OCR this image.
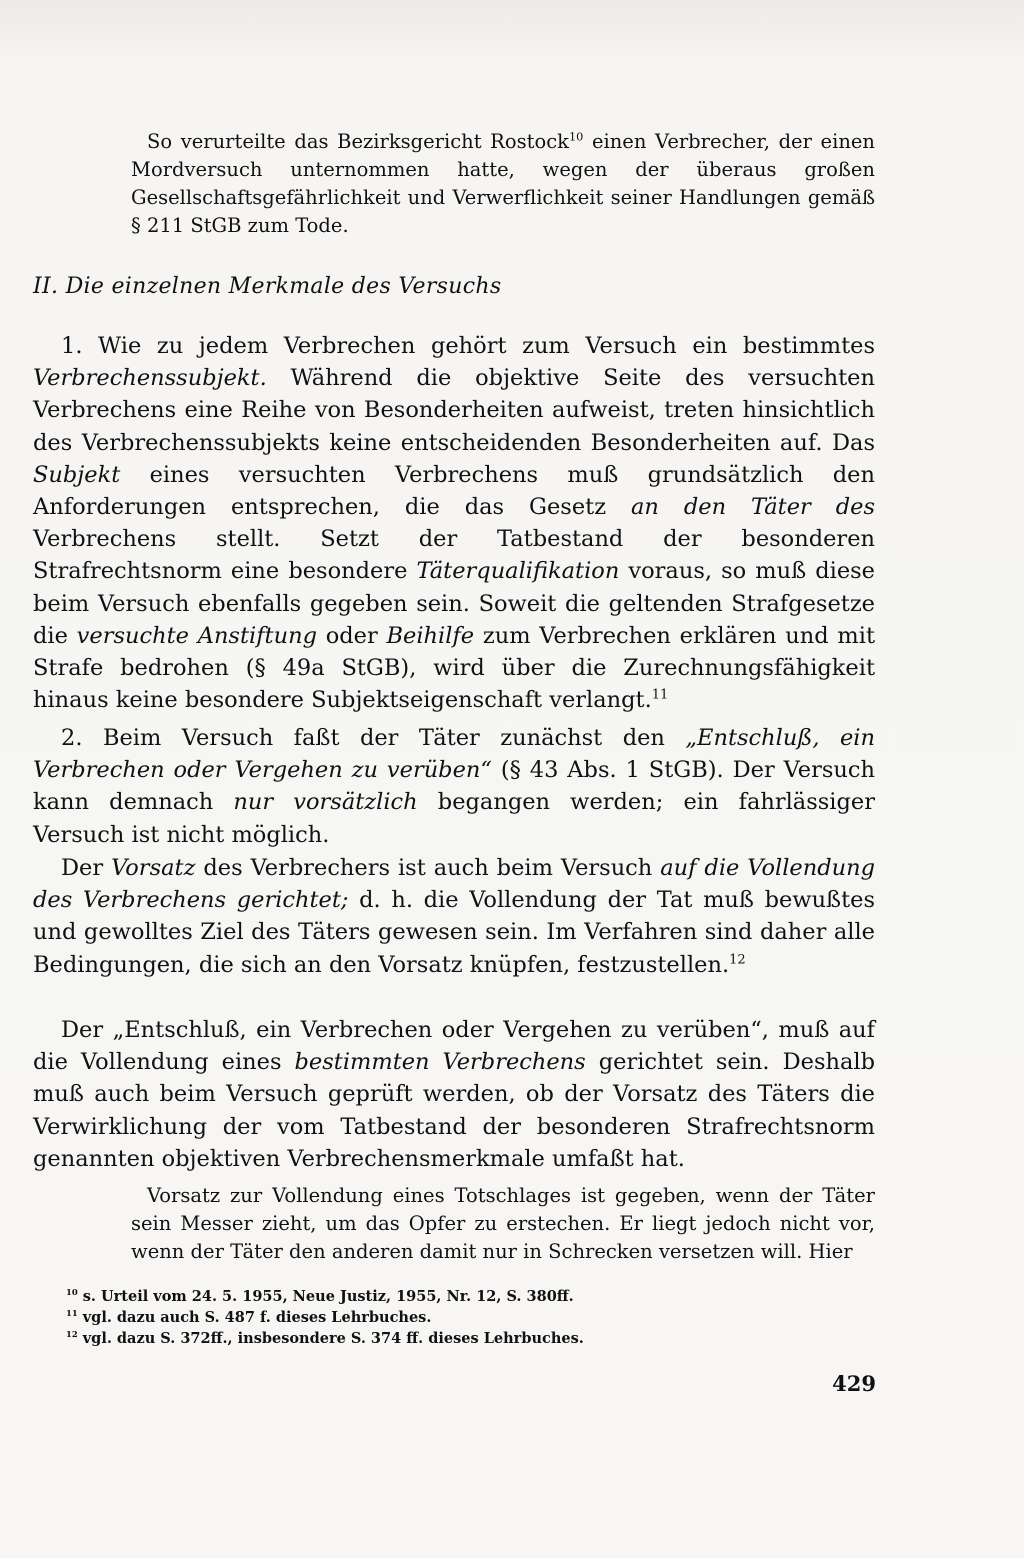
So verurteilte das Bezirksgericht Rostock$^{10}$ einen Verbrecher, der einen Mordversuch unternommen hatte, wegen der überaus großen Gesellschaftsgefährlichkeit und Verwerflichkeit seiner Handlungen gemäß § 211 StGB zum Tode.

II. Die einzelnen Merkmale des Versuchs

1. Wie zu jedem Verbrechen gehört zum Versuch ein bestimmtes Verbrechenssubjekt. Während die objektive Seite des versuchten Verbrechens eine Reihe von Besonderheiten aufweist, treten hinsichtlich des Verbrechenssubjekts keine entscheidenden Besonderheiten auf. Das Subjekt eines versuchten Verbrechens muß grundsätzlich den Anforderungen entsprechen, die das Gesetz an den Täter des Verbrechens stellt. Setzt der Tatbestand der besonderen Strafrechtsnorm eine besondere Täterqualifikation voraus, so muß diese beim Versuch ebenfalls gegeben sein. Soweit die geltenden Strafgesetze die versuchte Anstiftung oder Beihilfe zum Verbrechen erklären und mit Strafe bedrohen (§ 49a StGB), wird über die Zurechnungsfähigkeit hinaus keine besondere Subjektseigenschaft verlangt.$^{11}$

2. Beim Versuch faßt der Täter zunächst den „Entschluß, ein Verbrechen oder Vergehen zu verüben“ (§ 43 Abs. 1 StGB). Der Versuch kann demnach nur vorsätzlich begangen werden; ein fahrlässiger Versuch ist nicht möglich.

Der Vorsatz des Verbrechers ist auch beim Versuch auf die Vollendung des Verbrechens gerichtet; d. h. die Vollendung der Tat muß bewußtes und gewolltes Ziel des Täters gewesen sein. Im Verfahren sind daher alle Bedingungen, die sich an den Vorsatz knüpfen, festzustellen.$^{12}$

Der „Entschluß, ein Verbrechen oder Vergehen zu verüben“, muß auf die Vollendung eines bestimmten Verbrechens gerichtet sein. Deshalb muß auch beim Versuch geprüft werden, ob der Vorsatz des Täters die Verwirklichung der vom Tatbestand der besonderen Strafrechtsnorm genannten objektiven Verbrechensmerkmale umfaßt hat.

Vorsatz zur Vollendung eines Totschlages ist gegeben, wenn der Täter sein Messer zieht, um das Opfer zu erstechen. Er liegt jedoch nicht vor, wenn der Täter den anderen damit nur in Schrecken versetzen will. Hier

$^{10}$ s. Urteil vom 24. 5. 1955, Neue Justiz, 1955, Nr. 12, S. 380ff.
$^{11}$ vgl. dazu auch S. 487 f. dieses Lehrbuches.
$^{12}$ vgl. dazu S. 372ff., insbesondere S. 374 ff. dieses Lehrbuches.

429
